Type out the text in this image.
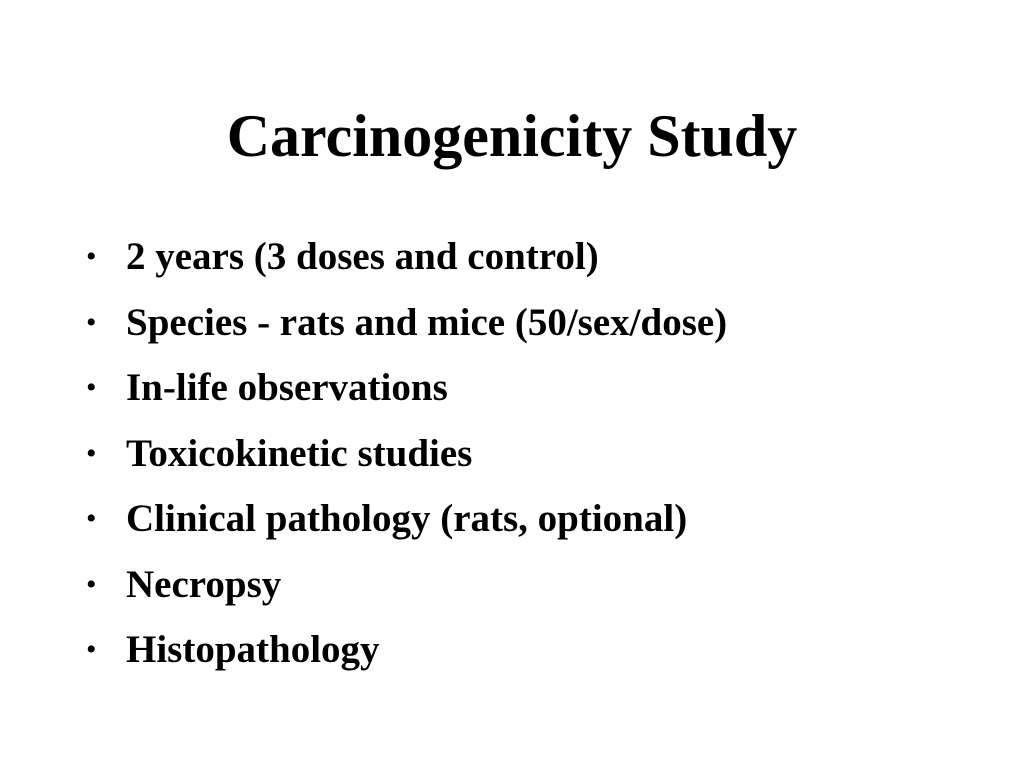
Carcinogenicity Study
• 2 years (3 doses and control)
• Species - rats and mice (50/sex/dose)
• In-life observations
• Toxicokinetic studies
• Clinical pathology (rats, optional)
• Necropsy
• Histopathology
